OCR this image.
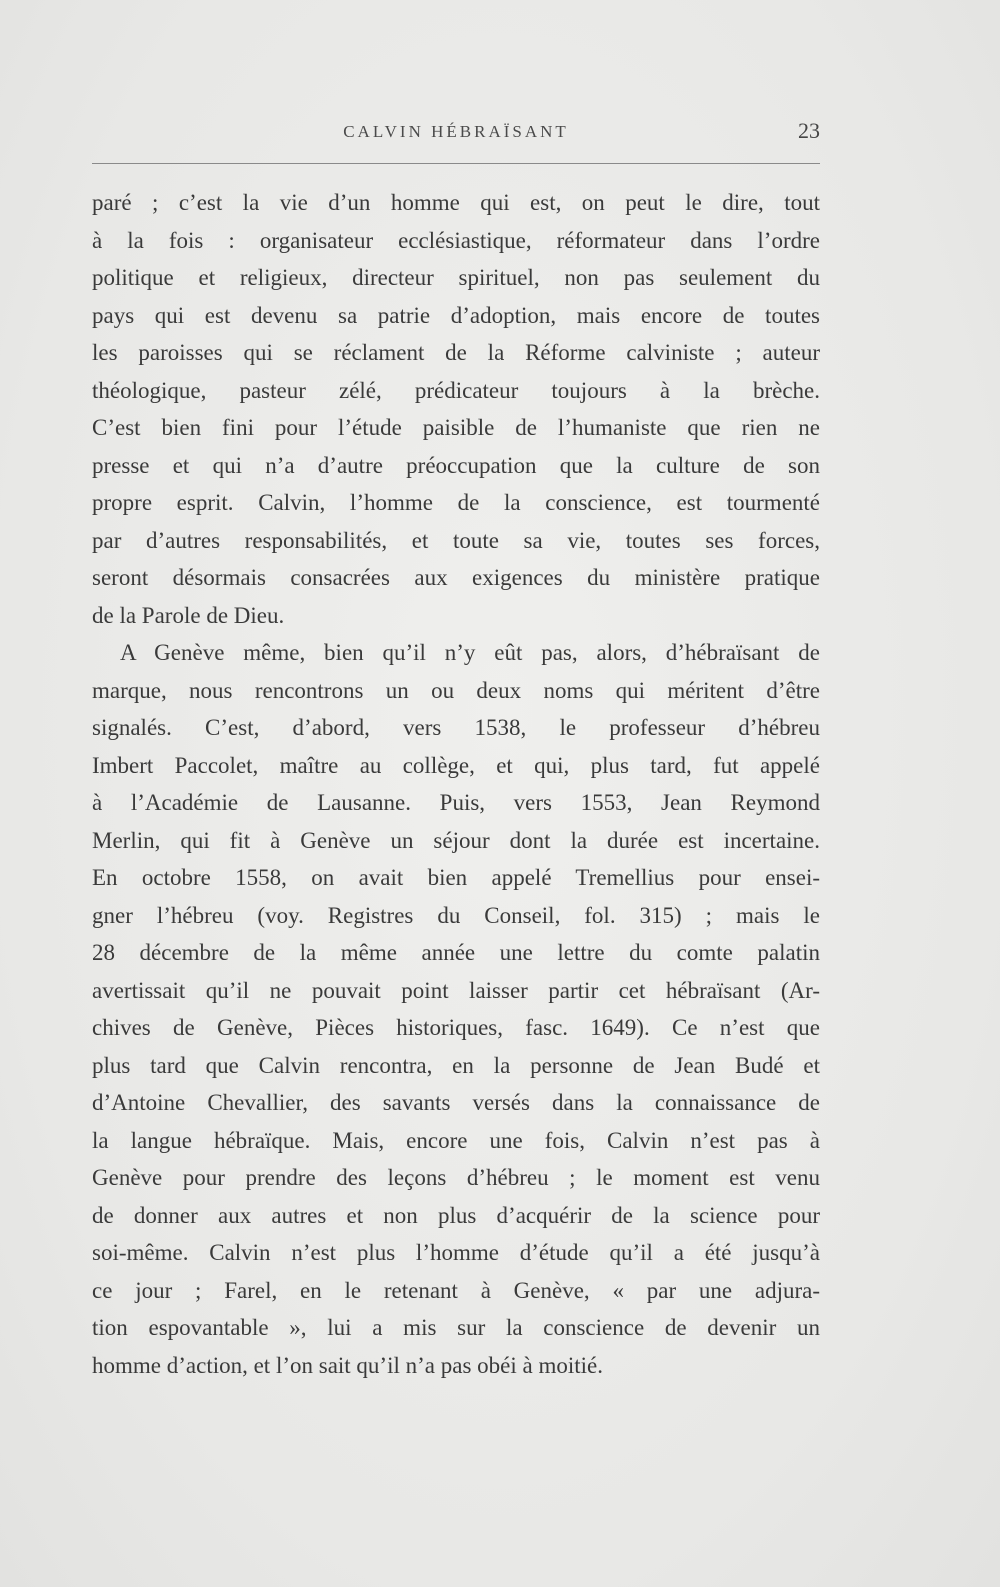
CALVIN HÉBRAÏSANT	23
paré ; c’est la vie d’un homme qui est, on peut le dire, tout
à la fois : organisateur ecclésiastique, réformateur dans l’ordre
politique et religieux, directeur spirituel, non pas seulement du
pays qui est devenu sa patrie d’adoption, mais encore de toutes
les paroisses qui se réclament de la Réforme calviniste ; auteur
théologique, pasteur zélé, prédicateur toujours à la brèche.
C’est bien fini pour l’étude paisible de l’humaniste que rien ne
presse et qui n’a d’autre préoccupation que la culture de son
propre esprit. Calvin, l’homme de la conscience, est tourmenté
par d’autres responsabilités, et toute sa vie, toutes ses forces,
seront désormais consacrées aux exigences du ministère pratique
de la Parole de Dieu.
A Genève même, bien qu’il n’y eût pas, alors, d’hébraïsant de
marque, nous rencontrons un ou deux noms qui méritent d’être
signalés. C’est, d’abord, vers 1538, le professeur d’hébreu
Imbert Paccolet, maître au collège, et qui, plus tard, fut appelé
à l’Académie de Lausanne. Puis, vers 1553, Jean Reymond
Merlin, qui fit à Genève un séjour dont la durée est incertaine.
En octobre 1558, on avait bien appelé Tremellius pour ensei-
gner l’hébreu (voy. Registres du Conseil, fol. 315) ; mais le
28 décembre de la même année une lettre du comte palatin
avertissait qu’il ne pouvait point laisser partir cet hébraïsant (Ar-
chives de Genève, Pièces historiques, fasc. 1649). Ce n’est que
plus tard que Calvin rencontra, en la personne de Jean Budé et
d’Antoine Chevallier, des savants versés dans la connaissance de
la langue hébraïque. Mais, encore une fois, Calvin n’est pas à
Genève pour prendre des leçons d’hébreu ; le moment est venu
de donner aux autres et non plus d’acquérir de la science pour
soi-même. Calvin n’est plus l’homme d’étude qu’il a été jusqu’à
ce jour ; Farel, en le retenant à Genève, « par une adjura-
tion espovantable », lui a mis sur la conscience de devenir un
homme d’action, et l’on sait qu’il n’a pas obéi à moitié.
